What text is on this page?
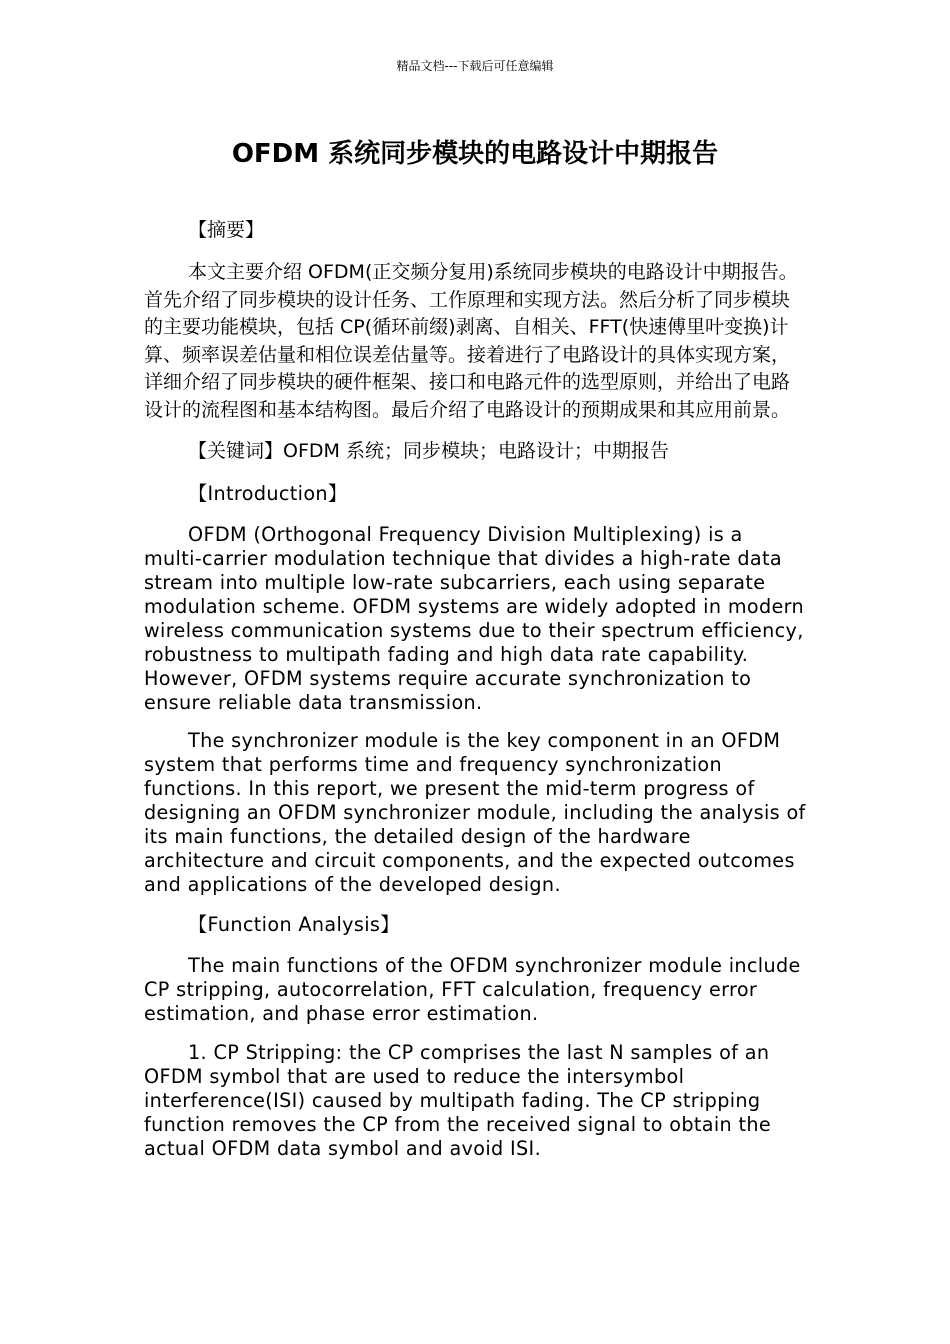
精品文档---下载后可任意编辑
OFDM 系统同步模块的电路设计中期报告
【摘要】

本文主要介绍 OFDM(正交频分复用)系统同步模块的电路设计中期报告。首先介绍了同步模块的设计任务、工作原理和实现方法。然后分析了同步模块的主要功能模块，包括 CP(循环前缀)剥离、自相关、FFT(快速傅里叶变换)计算、频率误差估量和相位误差估量等。接着进行了电路设计的具体实现方案，详细介绍了同步模块的硬件框架、接口和电路元件的选型原则，并给出了电路设计的流程图和基本结构图。最后介绍了电路设计的预期成果和其应用前景。

【关键词】OFDM 系统；同步模块；电路设计；中期报告
【Introduction】

OFDM (Orthogonal Frequency Division Multiplexing) is a multi-carrier modulation technique that divides a high-rate data stream into multiple low-rate subcarriers, each using separate modulation scheme. OFDM systems are widely adopted in modern wireless communication systems due to their spectrum efficiency, robustness to multipath fading and high data rate capability. However, OFDM systems require accurate synchronization to ensure reliable data transmission.

The synchronizer module is the key component in an OFDM system that performs time and frequency synchronization functions. In this report, we present the mid-term progress of designing an OFDM synchronizer module, including the analysis of its main functions, the detailed design of the hardware architecture and circuit components, and the expected outcomes and applications of the developed design.

【Function Analysis】

The main functions of the OFDM synchronizer module include CP stripping, autocorrelation, FFT calculation, frequency error estimation, and phase error estimation.

1. CP Stripping: the CP comprises the last N samples of an OFDM symbol that are used to reduce the intersymbol interference(ISI) caused by multipath fading. The CP stripping function removes the CP from the received signal to obtain the actual OFDM data symbol and avoid ISI.
